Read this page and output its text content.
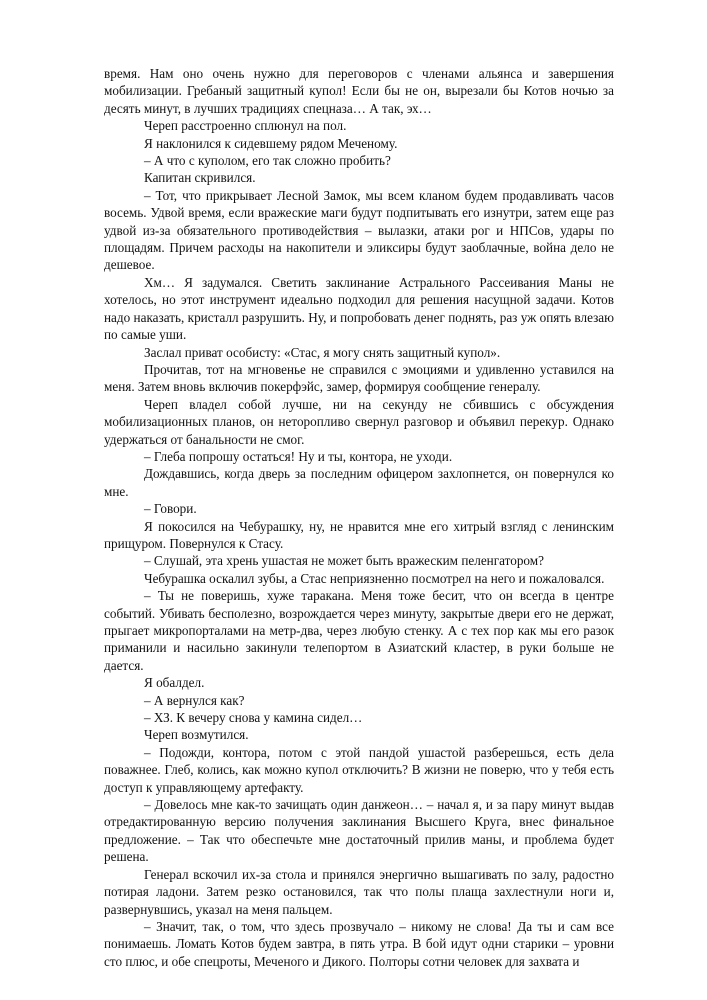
время. Нам оно очень нужно для переговоров с членами альянса и завершения мобилизации. Гребаный защитный купол! Если бы не он, вырезали бы Котов ночью за десять минут, в лучших традициях спецназа… А так, эх…

Череп расстроенно сплюнул на пол.

Я наклонился к сидевшему рядом Меченому.

– А что с куполом, его так сложно пробить?

Капитан скривился.

– Тот, что прикрывает Лесной Замок, мы всем кланом будем продавливать часов восемь. Удвой время, если вражеские маги будут подпитывать его изнутри, затем еще раз удвой из-за обязательного противодействия – вылазки, атаки рог и НПСов, удары по площадям. Причем расходы на накопители и эликсиры будут заоблачные, война дело не дешевое.

Хм… Я задумался. Светить заклинание Астрального Рассеивания Маны не хотелось, но этот инструмент идеально подходил для решения насущной задачи. Котов надо наказать, кристалл разрушить. Ну, и попробовать денег поднять, раз уж опять влезаю по самые уши.

Заслал приват особисту: «Стас, я могу снять защитный купол».

Прочитав, тот на мгновенье не справился с эмоциями и удивленно уставился на меня. Затем вновь включив покерфэйс, замер, формируя сообщение генералу.

Череп владел собой лучше, ни на секунду не сбившись с обсуждения мобилизационных планов, он неторопливо свернул разговор и объявил перекур. Однако удержаться от банальности не смог.

– Глеба попрошу остаться! Ну и ты, контора, не уходи.

Дождавшись, когда дверь за последним офицером захлопнется, он повернулся ко мне.

– Говори.

Я покосился на Чебурашку, ну, не нравится мне его хитрый взгляд с ленинским прищуром. Повернулся к Стасу.

– Слушай, эта хрень ушастая не может быть вражеским пеленгатором?

Чебурашка оскалил зубы, а Стас неприязненно посмотрел на него и пожаловался.

– Ты не поверишь, хуже таракана. Меня тоже бесит, что он всегда в центре событий. Убивать бесполезно, возрождается через минуту, закрытые двери его не держат, прыгает микропорталами на метр-два, через любую стенку. А с тех пор как мы его разок приманили и насильно закинули телепортом в Азиатский кластер, в руки больше не дается.

Я обалдел.

– А вернулся как?

– ХЗ. К вечеру снова у камина сидел…

Череп возмутился.

– Подожди, контора, потом с этой пандой ушастой разберешься, есть дела поважнее. Глеб, колись, как можно купол отключить? В жизни не поверю, что у тебя есть доступ к управляющему артефакту.

– Довелось мне как-то зачищать один данжеон… – начал я, и за пару минут выдав отредактированную версию получения заклинания Высшего Круга, внес финальное предложение. – Так что обеспечьте мне достаточный прилив маны, и проблема будет решена.

Генерал вскочил их-за стола и принялся энергично вышагивать по залу, радостно потирая ладони. Затем резко остановился, так что полы плаща захлестнули ноги и, развернувшись, указал на меня пальцем.

– Значит, так, о том, что здесь прозвучало – никому не слова! Да ты и сам все понимаешь. Ломать Котов будем завтра, в пять утра. В бой идут одни старики – уровни сто плюс, и обе спецроты, Меченого и Дикого. Полторы сотни человек для захвата и
